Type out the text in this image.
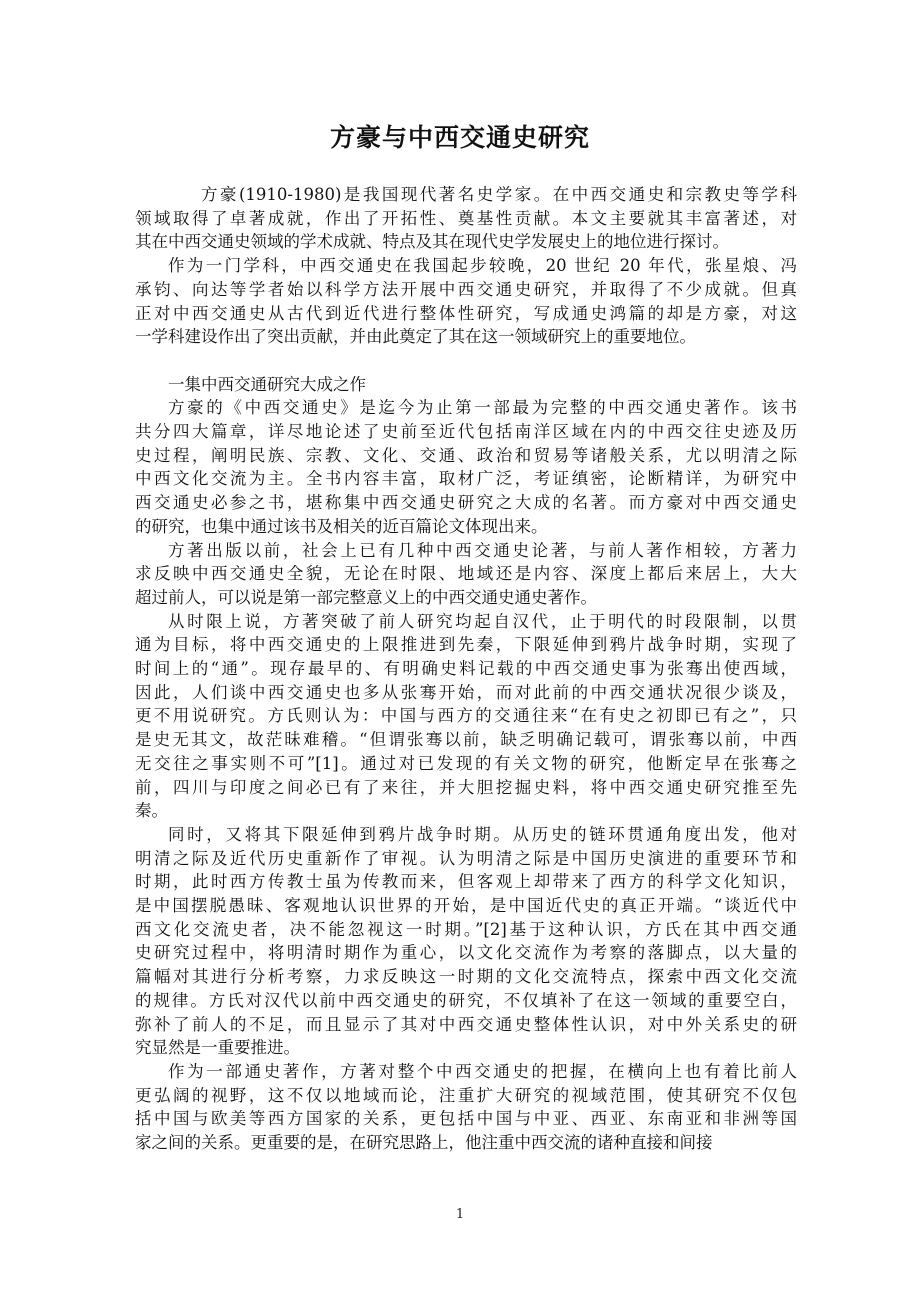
方豪与中西交通史研究
方豪(1910-1980)是我国现代著名史学家。在中西交通史和宗教史等学科
领域取得了卓著成就，作出了开拓性、奠基性贡献。本文主要就其丰富著述，对
其在中西交通史领域的学术成就、特点及其在现代史学发展史上的地位进行探讨。
作为一门学科，中西交通史在我国起步较晚，20 世纪 20 年代，张星烺、冯
承钧、向达等学者始以科学方法开展中西交通史研究，并取得了不少成就。但真
正对中西交通史从古代到近代进行整体性研究，写成通史鸿篇的却是方豪，对这
一学科建设作出了突出贡献，并由此奠定了其在这一领域研究上的重要地位。
一集中西交通研究大成之作
方豪的《中西交通史》是迄今为止第一部最为完整的中西交通史著作。该书
共分四大篇章，详尽地论述了史前至近代包括南洋区域在内的中西交往史迹及历
史过程，阐明民族、宗教、文化、交通、政治和贸易等诸般关系，尤以明清之际
中西文化交流为主。全书内容丰富，取材广泛，考证缜密，论断精详，为研究中
西交通史必参之书，堪称集中西交通史研究之大成的名著。而方豪对中西交通史
的研究，也集中通过该书及相关的近百篇论文体现出来。
方著出版以前，社会上已有几种中西交通史论著，与前人著作相较，方著力
求反映中西交通史全貌，无论在时限、地域还是内容、深度上都后来居上，大大
超过前人，可以说是第一部完整意义上的中西交通史通史著作。
从时限上说，方著突破了前人研究均起自汉代，止于明代的时段限制，以贯
通为目标，将中西交通史的上限推进到先秦，下限延伸到鸦片战争时期，实现了
时间上的“通”。现存最早的、有明确史料记载的中西交通史事为张骞出使西域，
因此，人们谈中西交通史也多从张骞开始，而对此前的中西交通状况很少谈及，
更不用说研究。方氏则认为：中国与西方的交通往来“在有史之初即已有之”，只
是史无其文，故茫昧难稽。“但谓张骞以前，缺乏明确记载可，谓张骞以前，中西
无交往之事实则不可”[1]。通过对已发现的有关文物的研究，他断定早在张骞之
前，四川与印度之间必已有了来往，并大胆挖掘史料，将中西交通史研究推至先
秦。
同时，又将其下限延伸到鸦片战争时期。从历史的链环贯通角度出发，他对
明清之际及近代历史重新作了审视。认为明清之际是中国历史演进的重要环节和
时期，此时西方传教士虽为传教而来，但客观上却带来了西方的科学文化知识，
是中国摆脱愚昧、客观地认识世界的开始，是中国近代史的真正开端。“谈近代中
西文化交流史者，决不能忽视这一时期。”[2]基于这种认识，方氏在其中西交通
史研究过程中，将明清时期作为重心，以文化交流作为考察的落脚点，以大量的
篇幅对其进行分析考察，力求反映这一时期的文化交流特点，探索中西文化交流
的规律。方氏对汉代以前中西交通史的研究，不仅填补了在这一领域的重要空白，
弥补了前人的不足，而且显示了其对中西交通史整体性认识，对中外关系史的研
究显然是一重要推进。
作为一部通史著作，方著对整个中西交通史的把握，在横向上也有着比前人
更弘阔的视野，这不仅以地域而论，注重扩大研究的视域范围，使其研究不仅包
括中国与欧美等西方国家的关系，更包括中国与中亚、西亚、东南亚和非洲等国
家之间的关系。更重要的是，在研究思路上，他注重中西交流的诸种直接和间接
1
